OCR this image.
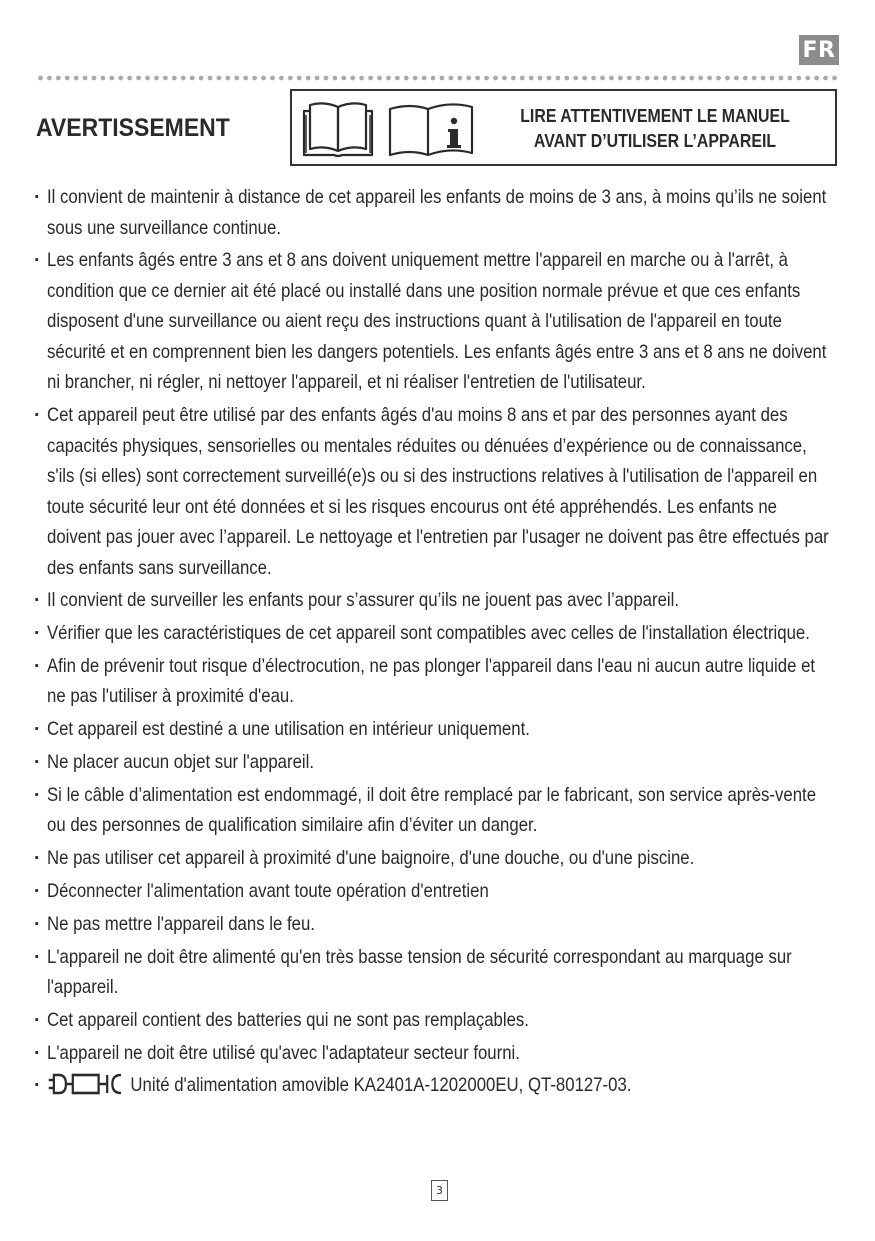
FR
AVERTISSEMENT	LIRE ATTENTIVEMENT LE MANUEL
AVANT D’UTILISER L’APPAREIL
· Il convient de maintenir à distance de cet appareil les enfants de moins de 3 ans, à moins qu’ils ne soient sous une surveillance continue.
· Les enfants âgés entre 3 ans et 8 ans doivent uniquement mettre l'appareil en marche ou à l'arrêt, à condition que ce dernier ait été placé ou installé dans une position normale prévue et que ces enfants disposent d'une surveillance ou aient reçu des instructions quant à l'utilisation de l'appareil en toute sécurité et en comprennent bien les dangers potentiels. Les enfants âgés entre 3 ans et 8 ans ne doivent ni brancher, ni régler, ni nettoyer l'appareil, et ni réaliser l'entretien de l'utilisateur.
· Cet appareil peut être utilisé par des enfants âgés d'au moins 8 ans et par des personnes ayant des capacités physiques, sensorielles ou mentales réduites ou dénuées d’expérience ou de connaissance, s'ils (si elles) sont correctement surveillé(e)s ou si des instructions relatives à l'utilisation de l'appareil en toute sécurité leur ont été données et si les risques encourus ont été appréhendés. Les enfants ne doivent pas jouer avec l’appareil. Le nettoyage et l'entretien par l'usager ne doivent pas être effectués par des enfants sans surveillance.
· Il convient de surveiller les enfants pour s’assurer qu’ils ne jouent pas avec l’appareil.
· Vérifier que les caractéristiques de cet appareil sont compatibles avec celles de l'installation électrique.
· Afin de prévenir tout risque d’électrocution, ne pas plonger l'appareil dans l'eau ni aucun autre liquide et ne pas l'utiliser à proximité d'eau.
· Cet appareil est destiné a une utilisation en intérieur uniquement.
· Ne placer aucun objet sur l'appareil.
· Si le câble d’alimentation est endommagé, il doit être remplacé par le fabricant, son service après-vente ou des personnes de qualification similaire afin d’éviter un danger.
· Ne pas utiliser cet appareil à proximité d'une baignoire, d'une douche, ou d'une piscine.
· Déconnecter l'alimentation avant toute opération d'entretien
· Ne pas mettre l'appareil dans le feu.
· L'appareil ne doit être alimenté qu'en très basse tension de sécurité correspondant au marquage sur l'appareil.
· Cet appareil contient des batteries qui ne sont pas remplaçables.
· L'appareil ne doit être utilisé qu'avec l'adaptateur secteur fourni.
·	Unité d'alimentation amovible KA2401A-1202000EU, QT-80127-03.
3
